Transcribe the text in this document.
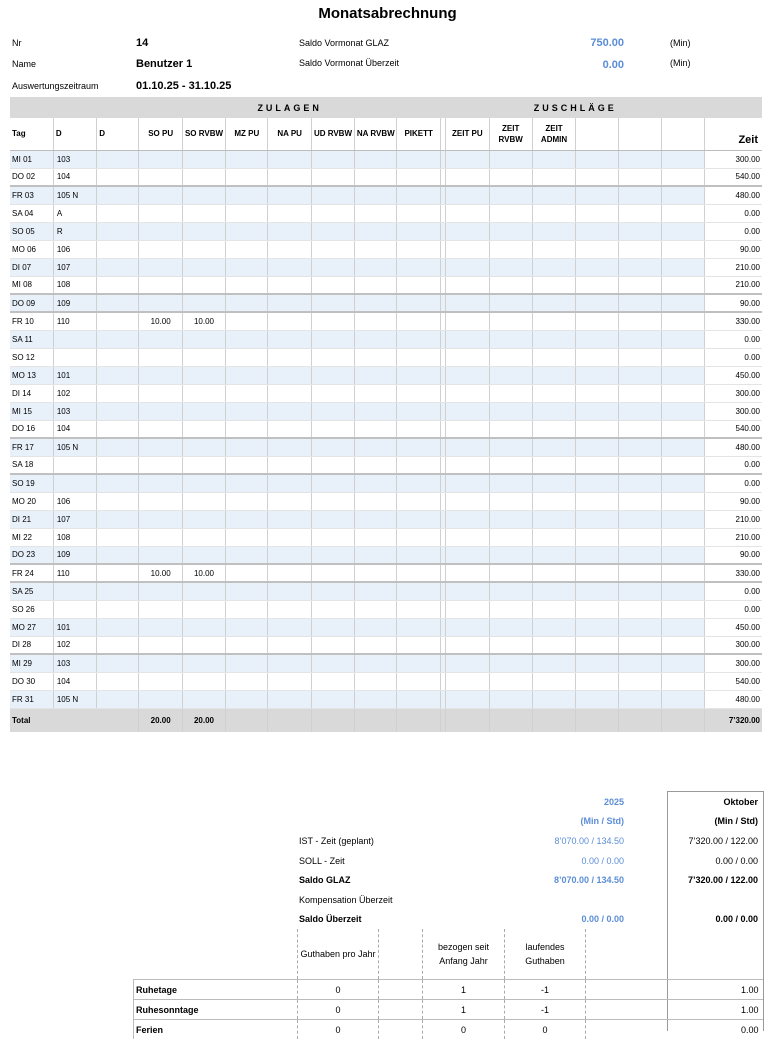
Monatsabrechnung
Nr	14
Name	Benutzer 1
Auswertungszeitraum	01.10.25 - 31.10.25
Saldo Vormonat GLAZ	750.00	(Min)
Saldo Vormonat Überzeit	0.00	(Min)
			ZULAGEN								ZUSCHLÄGE						
Tag	D	D	SO PU	SO RVBW	MZ PU	NA PU	UD RVBW	NA RVBW	PIKETT		ZEIT PU	ZEIT RVBW	ZEIT ADMIN				Zeit
MI 01	103																300.00
DO 02	104																540.00
FR 03	105 N																480.00
SA 04	A																0.00
SO 05	R																0.00
MO 06	106																90.00
DI 07	107																210.00
MI 08	108																210.00
DO 09	109																90.00
FR 10	110		10.00	10.00													330.00
SA 11																	0.00
SO 12																	0.00
MO 13	101																450.00
DI 14	102																300.00
MI 15	103																300.00
DO 16	104																540.00
FR 17	105 N																480.00
SA 18																	0.00
SO 19																	0.00
MO 20	106																90.00
DI 21	107																210.00
MI 22	108																210.00
DO 23	109																90.00
FR 24	110		10.00	10.00													330.00
SA 25																	0.00
SO 26																	0.00
MO 27	101																450.00
DI 28	102																300.00
MI 29	103																300.00
DO 30	104																540.00
FR 31	105 N																480.00
Total			20.00	20.00													7’320.00
2025
(Min / Std)
Oktober
(Min / Std)
IST - Zeit (geplant)	8’070.00 / 134.50	7’320.00 / 122.00
SOLL - Zeit	0.00 / 0.00	0.00 / 0.00
Saldo GLAZ	8’070.00 / 134.50	7’320.00 / 122.00
Kompensation Überzeit
Saldo Überzeit	0.00 / 0.00	0.00 / 0.00
	Guthaben pro Jahr		bezogen seit Anfang Jahr	laufendes Guthaben		
Ruhetage	0		1	-1		1.00
Ruhesonntage	0		1	-1		1.00
Ferien	0		0	0		0.00
